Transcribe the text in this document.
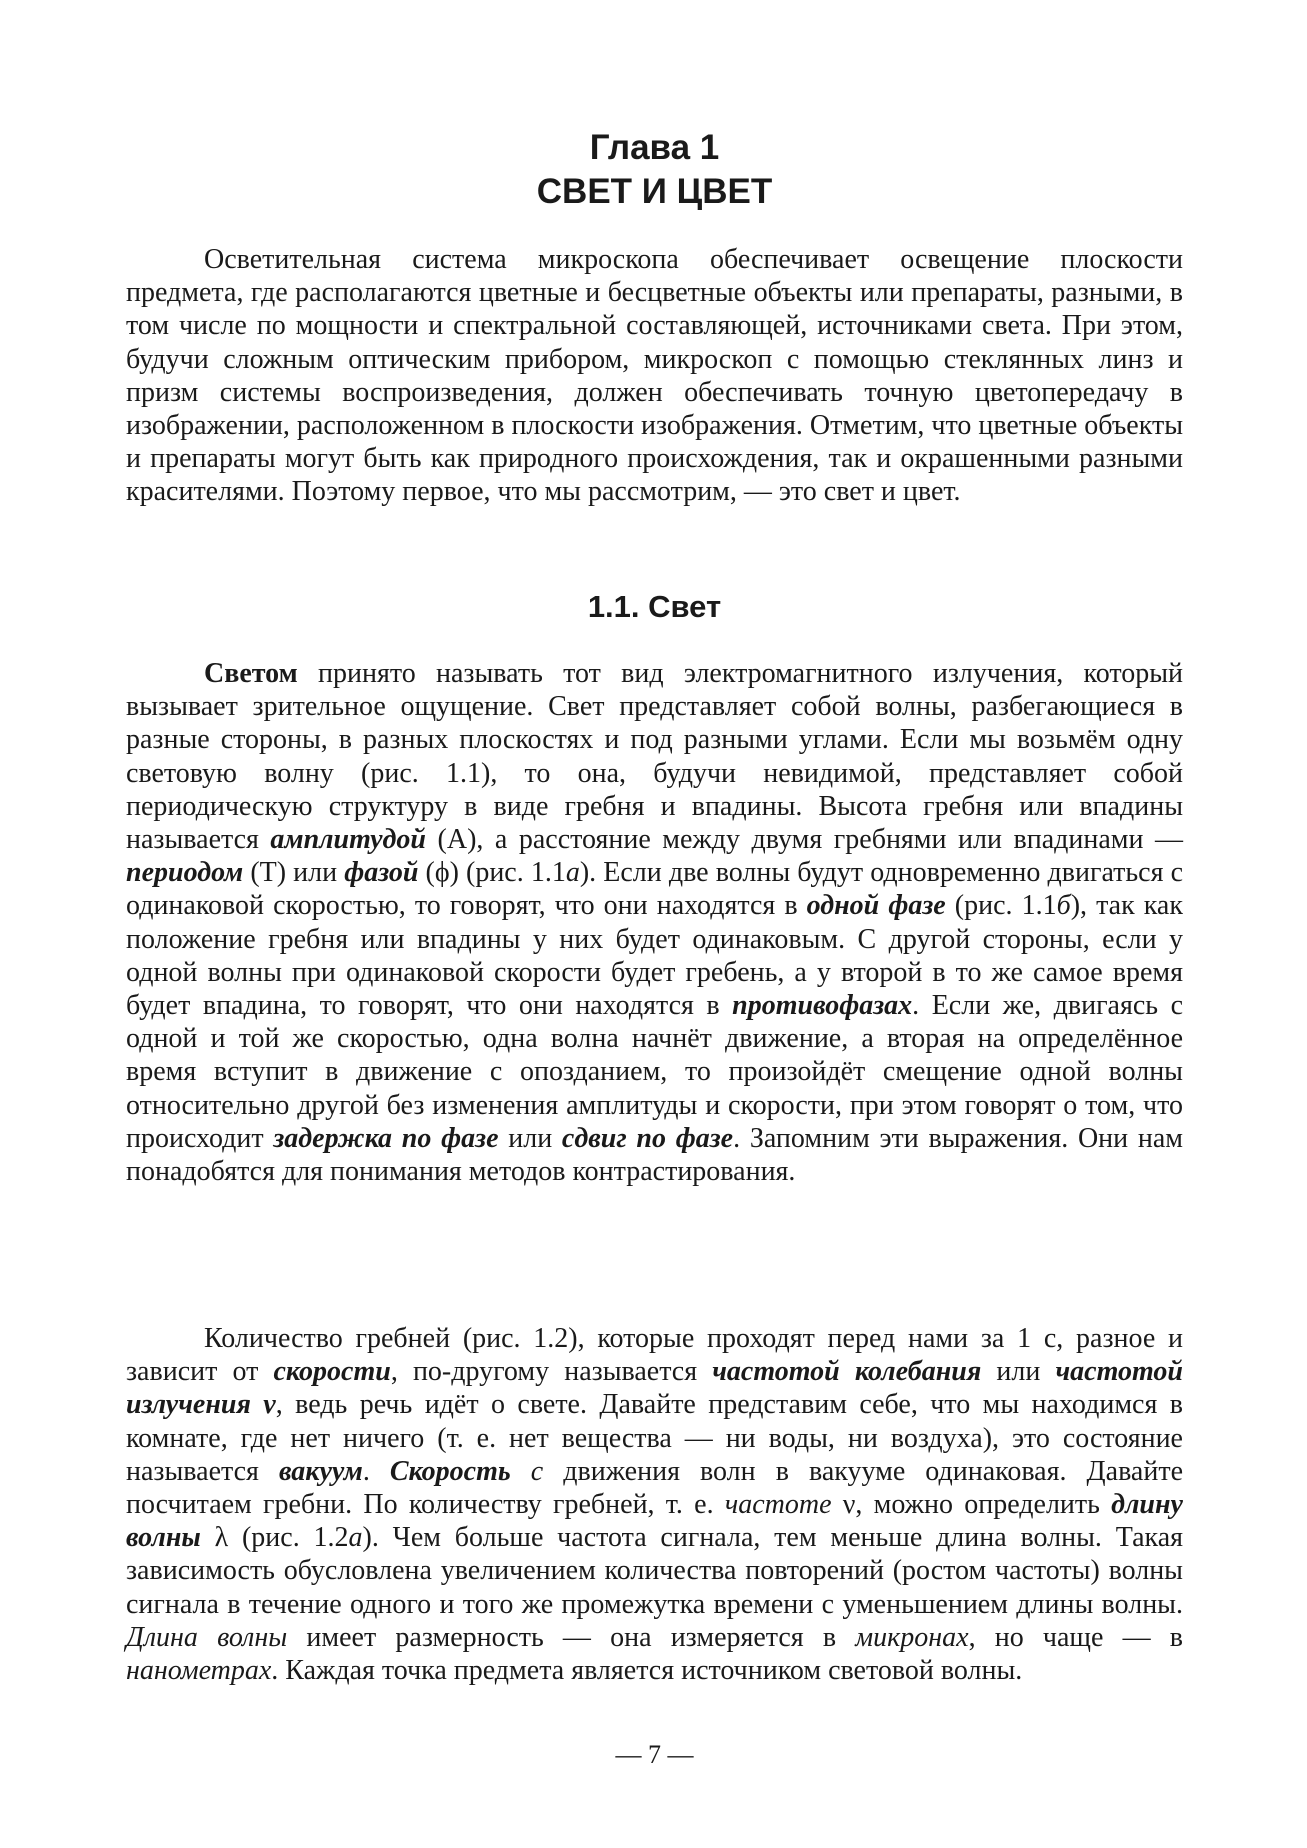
Глава 1
СВЕТ И ЦВЕТ

Осветительная система микроскопа обеспечивает освещение плоскости предмета, где располагаются цветные и бесцветные объекты или препараты, разными, в том числе по мощности и спектральной составляющей, источниками света. При этом, будучи сложным оптическим прибором, микроскоп с помощью стеклянных линз и призм системы воспроизведения, должен обеспечивать точную цветопередачу в изображении, расположенном в плоскости изображения. Отметим, что цветные объекты и препараты могут быть как природного происхождения, так и окрашенными разными красителями. Поэтому первое, что мы рассмотрим, — это свет и цвет.

1.1. Свет

Светом принято называть тот вид электромагнитного излучения, который вызывает зрительное ощущение. Свет представляет собой волны, разбегающиеся в разные стороны, в разных плоскостях и под разными углами. Если мы возьмём одну световую волну (рис. 1.1), то она, будучи невидимой, представляет собой периодическую структуру в виде гребня и впадины. Высота гребня или впадины называется амплитудой (A), а расстояние между двумя гребнями или впадинами — периодом (T) или фазой (ϕ) (рис. 1.1а). Если две волны будут одновременно двигаться с одинаковой скоростью, то говорят, что они находятся в одной фазе (рис. 1.1б), так как положение гребня или впадины у них будет одинаковым. С другой стороны, если у одной волны при одинаковой скорости будет гребень, а у второй в то же самое время будет впадина, то говорят, что они находятся в противофазах. Если же, двигаясь с одной и той же скоростью, одна волна начнёт движение, а вторая на определённое время вступит в движение с опозданием, то произойдёт смещение одной волны относительно другой без изменения амплитуды и скорости, при этом говорят о том, что происходит задержка по фазе или сдвиг по фазе. Запомним эти выражения. Они нам понадобятся для понимания методов контрастирования.

Количество гребней (рис. 1.2), которые проходят перед нами за 1 с, разное и зависит от скорости, по-другому называется частотой колебания или частотой излучения ν, ведь речь идёт о свете. Давайте представим себе, что мы находимся в комнате, где нет ничего (т. е. нет вещества — ни воды, ни воздуха), это состояние называется вакуум. Скорость c движения волн в вакууме одинаковая. Давайте посчитаем гребни. По количеству гребней, т. е. частоте ν, можно определить длину волны λ (рис. 1.2а). Чем больше частота сигнала, тем меньше длина волны. Такая зависимость обусловлена увеличением количества повторений (ростом частоты) волны сигнала в течение одного и того же промежутка времени с уменьшением длины волны. Длина волны имеет размерность — она измеряется в микронах, но чаще — в нанометрах. Каждая точка предмета является источником световой волны.

— 7 —
